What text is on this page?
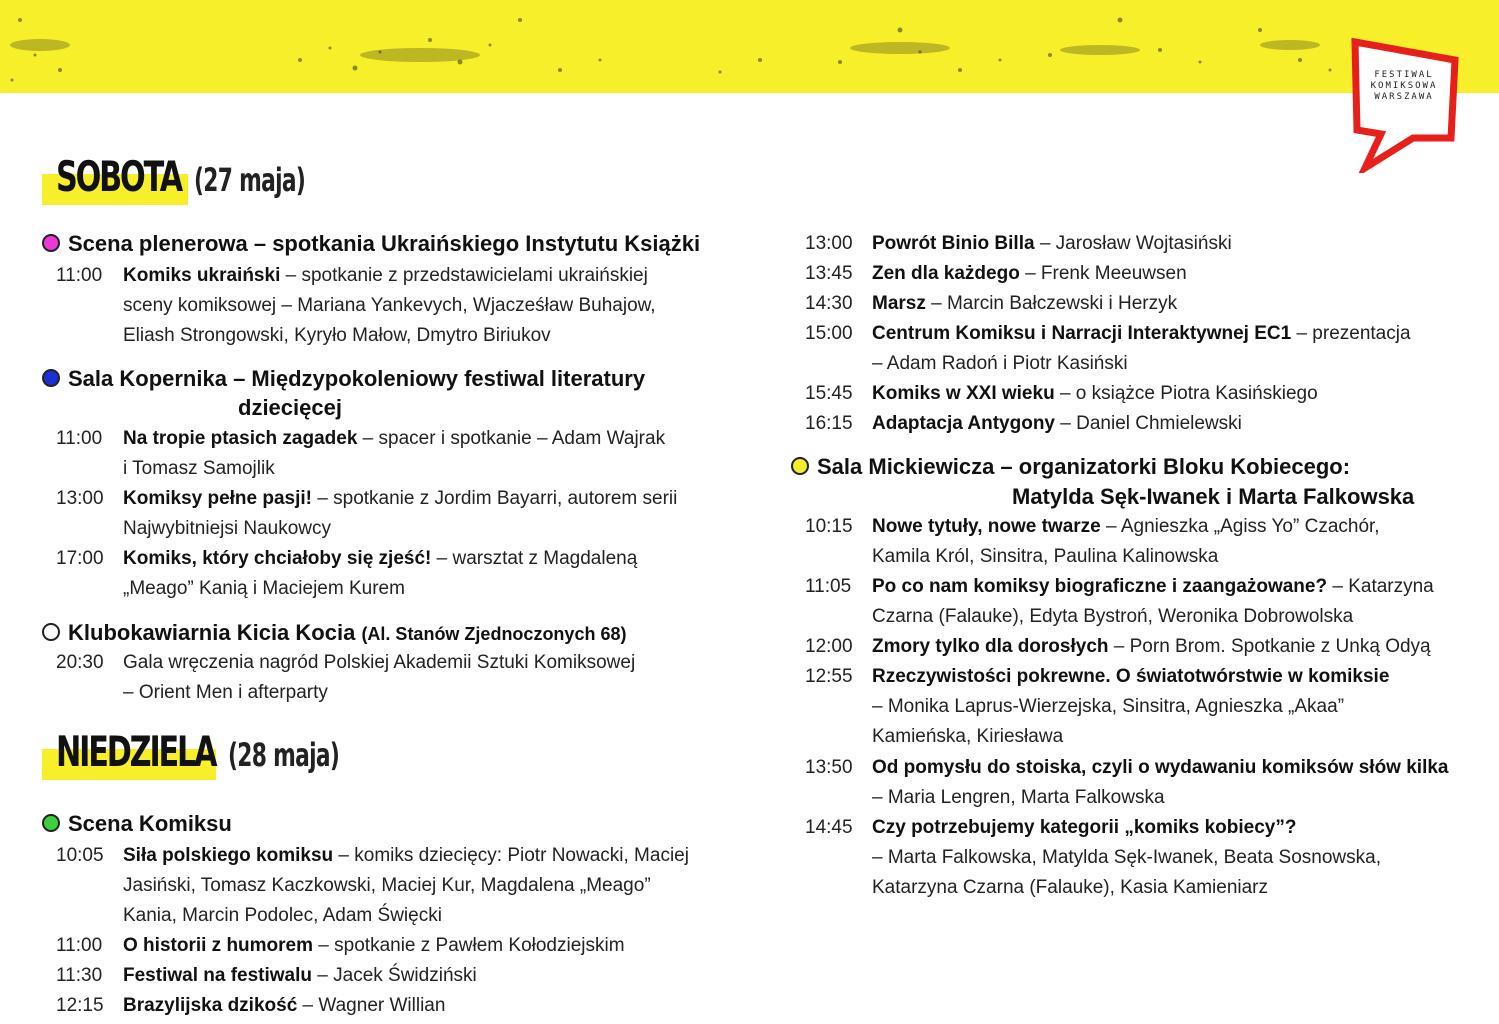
FESTIWAL
KOMIKSOWA
WARSZAWA
SOBOTA (27 maja)
Scena plenerowa – spotkania Ukraińskiego Instytutu Książki
11:00 Komiks ukraiński – spotkanie z przedstawicielami ukraińskiej
sceny komiksowej – Mariana Yankevych, Wjacześław Buhajow,
Eliash Strongowski, Kyryło Małow, Dmytro Biriukov
Sala Kopernika – Międzypokoleniowy festiwal literatury
dziecięcej
11:00 Na tropie ptasich zagadek – spacer i spotkanie – Adam Wajrak
i Tomasz Samojlik
13:00 Komiksy pełne pasji! – spotkanie z Jordim Bayarri, autorem serii
Najwybitniejsi Naukowcy
17:00 Komiks, który chciałoby się zjeść! – warsztat z Magdaleną
„Meago” Kanią i Maciejem Kurem
Klubokawiarnia Kicia Kocia (Al. Stanów Zjednoczonych 68)
20:30 Gala wręczenia nagród Polskiej Akademii Sztuki Komiksowej
– Orient Men i afterparty
NIEDZIELA (28 maja)
Scena Komiksu
10:05 Siła polskiego komiksu – komiks dziecięcy: Piotr Nowacki, Maciej
Jasiński, Tomasz Kaczkowski, Maciej Kur, Magdalena „Meago”
Kania, Marcin Podolec, Adam Święcki
11:00 O historii z humorem – spotkanie z Pawłem Kołodziejskim
11:30 Festiwal na festiwalu – Jacek Świdziński
12:15 Brazylijska dzikość – Wagner Willian
13:00 Powrót Binio Billa – Jarosław Wojtasiński
13:45 Zen dla każdego – Frenk Meeuwsen
14:30 Marsz – Marcin Bałczewski i Herzyk
15:00 Centrum Komiksu i Narracji Interaktywnej EC1 – prezentacja
– Adam Radoń i Piotr Kasiński
15:45 Komiks w XXI wieku – o książce Piotra Kasińskiego
16:15 Adaptacja Antygony – Daniel Chmielewski
Sala Mickiewicza – organizatorki Bloku Kobiecego:
Matylda Sęk-Iwanek i Marta Falkowska
10:15 Nowe tytuły, nowe twarze – Agnieszka „Agiss Yo” Czachór,
Kamila Król, Sinsitra, Paulina Kalinowska
11:05 Po co nam komiksy biograficzne i zaangażowane? – Katarzyna
Czarna (Falauke), Edyta Bystroń, Weronika Dobrowolska
12:00 Zmory tylko dla dorosłych – Porn Brom. Spotkanie z Unką Odyą
12:55 Rzeczywistości pokrewne. O światotwórstwie w komiksie
– Monika Laprus-Wierzejska, Sinsitra, Agnieszka „Akaa”
Kamieńska, Kiriesława
13:50 Od pomysłu do stoiska, czyli o wydawaniu komiksów słów kilka
– Maria Lengren, Marta Falkowska
14:45 Czy potrzebujemy kategorii „komiks kobiecy”?
– Marta Falkowska, Matylda Sęk-Iwanek, Beata Sosnowska,
Katarzyna Czarna (Falauke), Kasia Kamieniarz
